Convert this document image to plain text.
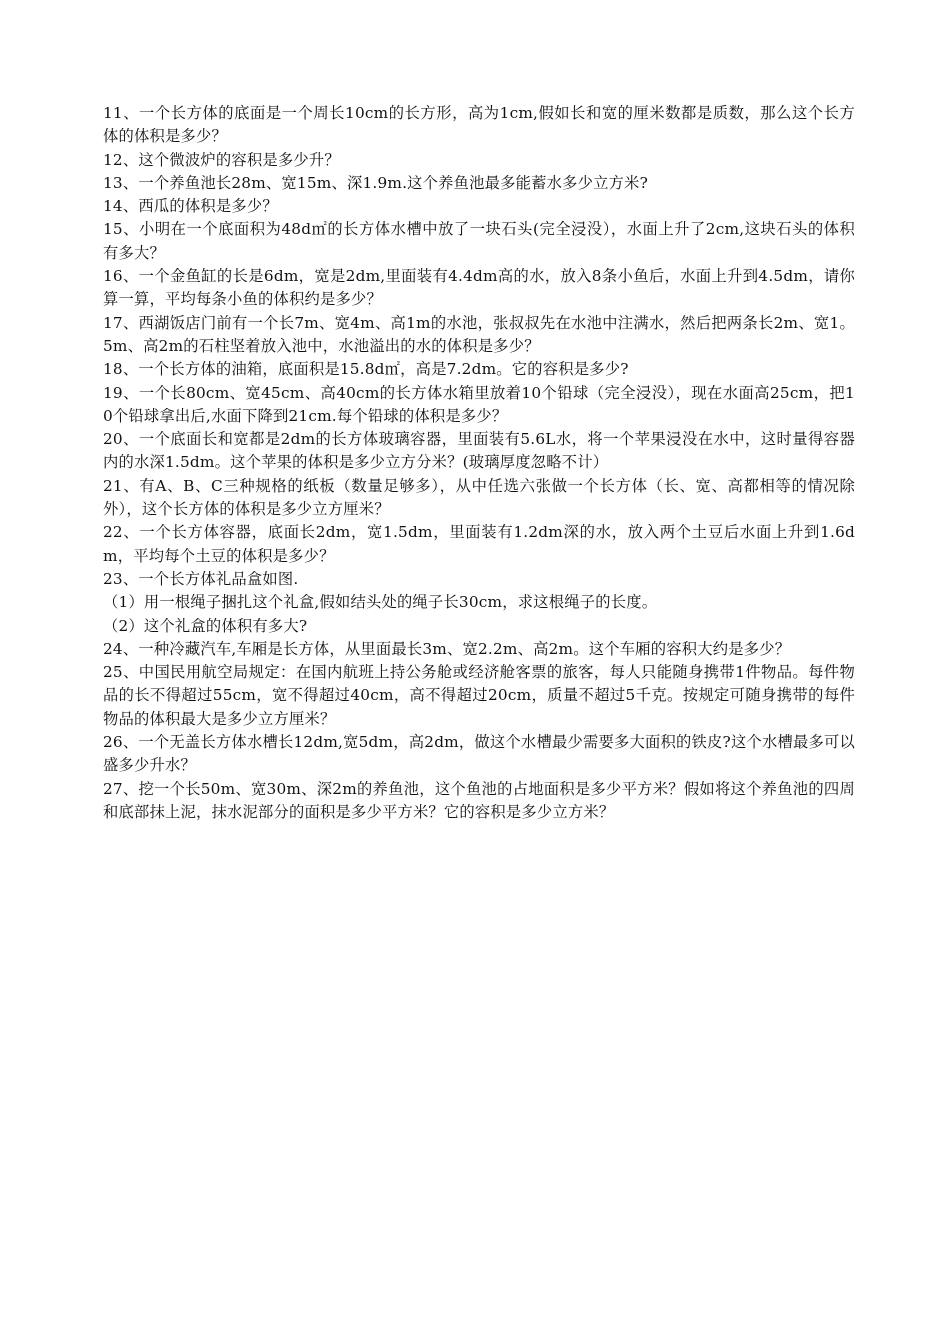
11、一个长方体的底面是一个周长10cm的长方形，高为1cm,假如长和宽的厘米数都是质数，那么这个长方体的体积是多少？

12、这个微波炉的容积是多少升？

13、一个养鱼池长28m、宽15m、深1.9m.这个养鱼池最多能蓄水多少立方米?

14、西瓜的体积是多少？

15、小明在一个底面积为48d㎡的长方体水槽中放了一块石头(完全浸没），水面上升了2cm,这块石头的体积有多大？

16、一个金鱼缸的长是6dm，宽是2dm,里面装有4.4dm高的水，放入8条小鱼后，水面上升到4.5dm，请你算一算，平均每条小鱼的体积约是多少？

17、西湖饭店门前有一个长7m、宽4m、高1m的水池，张叔叔先在水池中注满水，然后把两条长2m、宽1。5m、高2m的石柱坚着放入池中，水池溢出的水的体积是多少？

18、一个长方体的油箱，底面积是15.8d㎡，高是7.2dm。它的容积是多少?

19、一个长80cm、宽45cm、高40cm的长方体水箱里放着10个铅球（完全浸没），现在水面高25cm，把10个铅球拿出后,水面下降到21cm.每个铅球的体积是多少？

20、一个底面长和宽都是2dm的长方体玻璃容器，里面装有5.6L水，将一个苹果浸没在水中，这时量得容器内的水深1.5dm。这个苹果的体积是多少立方分米？(玻璃厚度忽略不计）

21、有A、B、C三种规格的纸板（数量足够多），从中任选六张做一个长方体（长、宽、高都相等的情况除外），这个长方体的体积是多少立方厘米？

22、一个长方体容器，底面长2dm，宽1.5dm，里面装有1.2dm深的水，放入两个土豆后水面上升到1.6dm，平均每个土豆的体积是多少？

23、一个长方体礼品盒如图.

（1）用一根绳子捆扎这个礼盒,假如结头处的绳子长30cm，求这根绳子的长度。

（2）这个礼盒的体积有多大?

24、一种冷藏汽车,车厢是长方体，从里面最长3m、宽2.2m、高2m。这个车厢的容积大约是多少？

25、中国民用航空局规定：在国内航班上持公务舱或经济舱客票的旅客，每人只能随身携带1件物品。每件物品的长不得超过55cm，宽不得超过40cm，高不得超过20cm，质量不超过5千克。按规定可随身携带的每件物品的体积最大是多少立方厘米？

26、一个无盖长方体水槽长12dm,宽5dm，高2dm，做这个水槽最少需要多大面积的铁皮?这个水槽最多可以盛多少升水？

27、挖一个长50m、宽30m、深2m的养鱼池，这个鱼池的占地面积是多少平方米？假如将这个养鱼池的四周和底部抹上泥，抹水泥部分的面积是多少平方米？它的容积是多少立方米？
